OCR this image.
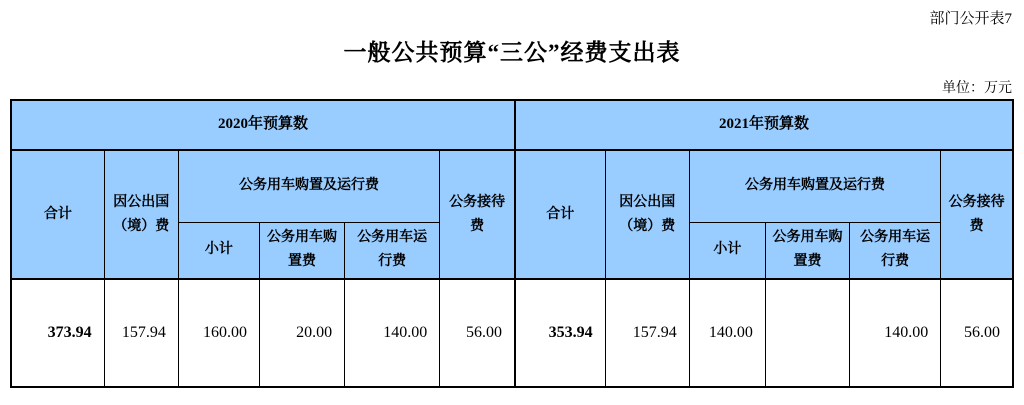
部门公开表7
一般公共预算“三公”经费支出表
单位：万元
2020年预算数						2021年预算数					
合计	因公出国（境）费	公务用车购置及运行费			公务接待费	合计	因公出国（境）费	公务用车购置及运行费			公务接待费
		小计	公务用车购置费	公务用车运行费				小计	公务用车购置费	公务用车运行费	
373.94	157.94	160.00	20.00	140.00	56.00	353.94	157.94	140.00		140.00	56.00
